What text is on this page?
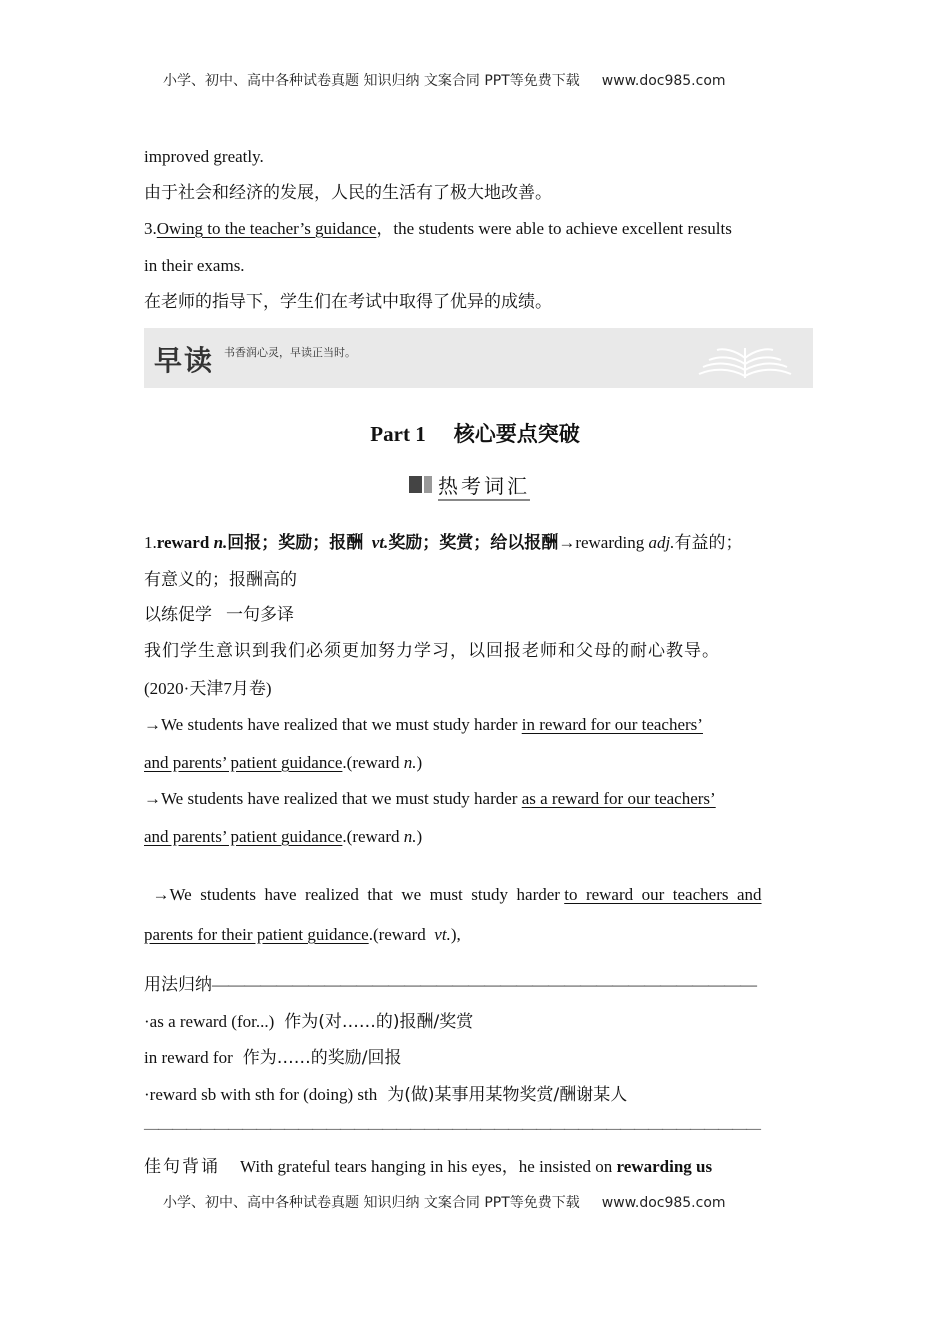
小学、初中、高中各种试卷真题 知识归纳 文案合同 PPT等免费下载 www.doc985.com
improved greatly.
由于社会和经济的发展，人民的生活有了极大地改善。
3.Owing to the teacher’s guidance，the students were able to achieve excellent results
in their exams.
在老师的指导下，学生们在考试中取得了优异的成绩。
早读 书香润心灵，早读正当时。
Part 1 核心要点突破
热考词汇
1.reward n.回报；奖励；报酬 vt.奖励；奖赏；给以报酬→rewarding adj.有益的；
有意义的；报酬高的
以练促学 一句多译
我们学生意识到我们必须更加努力学习，以回报老师和父母的耐心教导。
(2020·天津7月卷)
→We students have realized that we must study harder in reward for our teachers’
and parents’ patient guidance.(reward n.)
→We students have realized that we must study harder as a reward for our teachers’
and parents’ patient guidance.(reward n.)

→We  students  have  realized  that  we  must  study  harder to  reward  our  teachers  and

parents for their patient guidance.(reward  vt.),
用法归纳——————————————————————————————————
·as a reward (for...) 作为(对……的)报酬/奖赏
in reward for 作为……的奖励/回报
·reward sb with sth for (doing) sth 为(做)某事用某物奖赏/酬谢某人
————————————————————————————————————————————
佳句背诵 With grateful tears hanging in his eyes，he insisted on rewarding us
小学、初中、高中各种试卷真题 知识归纳 文案合同 PPT等免费下载 www.doc985.com
